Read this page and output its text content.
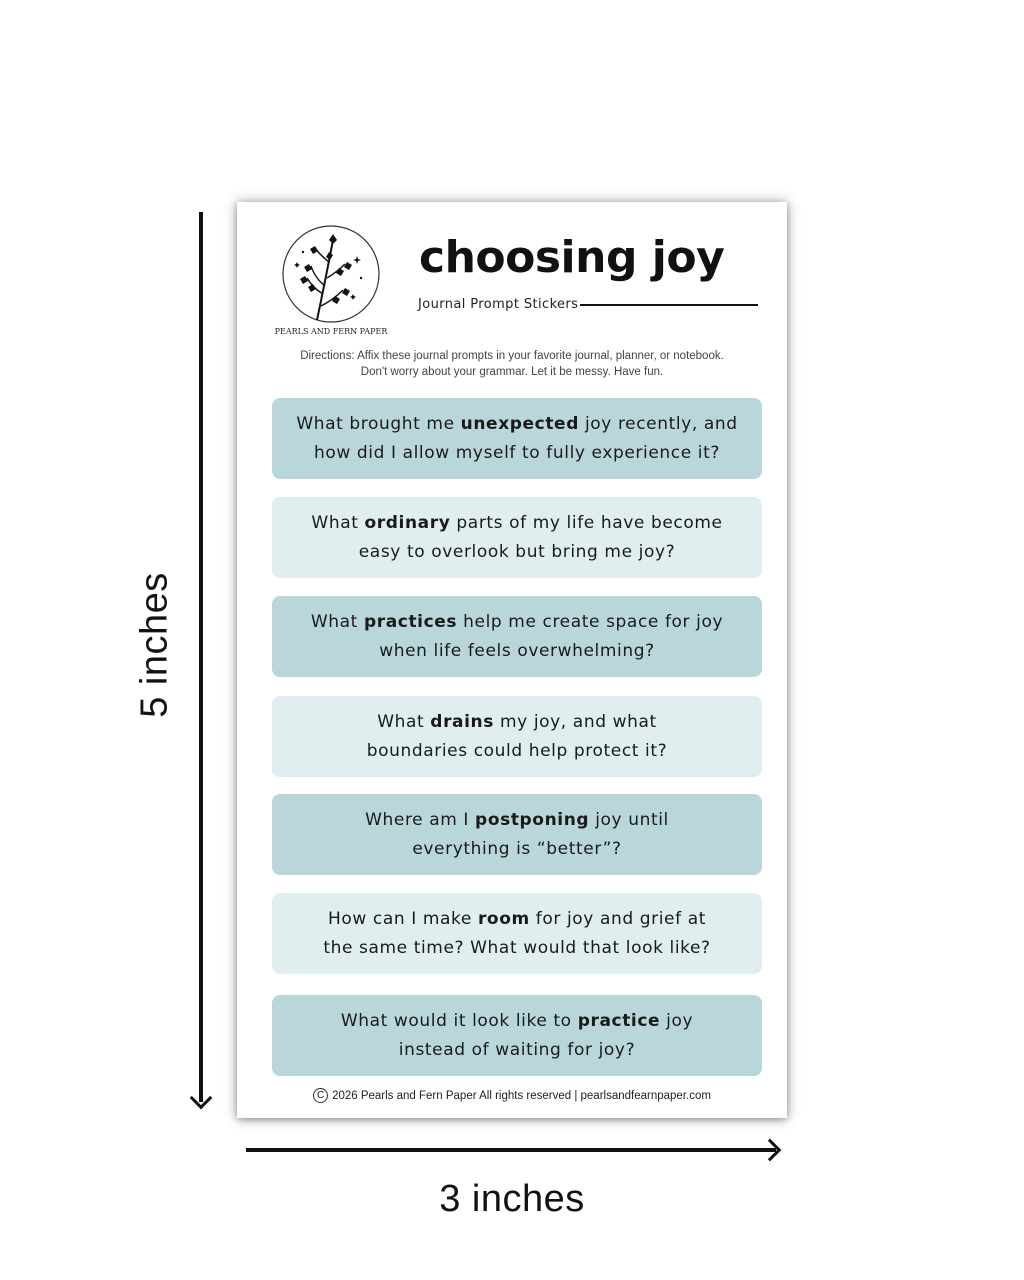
5 inches
3 inches
PEARLS AND FERN PAPER
choosing joy
Journal Prompt Stickers
Directions: Affix these journal prompts in your favorite journal, planner, or notebook.
Don't worry about your grammar. Let it be messy. Have fun.
What brought me unexpected joy recently, and
how did I allow myself to fully experience it?
What ordinary parts of my life have become
easy to overlook but bring me joy?
What practices help me create space for joy
when life feels overwhelming?
What drains my joy, and what
boundaries could help protect it?
Where am I postponing joy until
everything is “better”?
How can I make room for joy and grief at
the same time? What would that look like?
What would it look like to practice joy
instead of waiting for joy?
C 2026 Pearls and Fern Paper All rights reserved | pearlsandfearnpaper.com
